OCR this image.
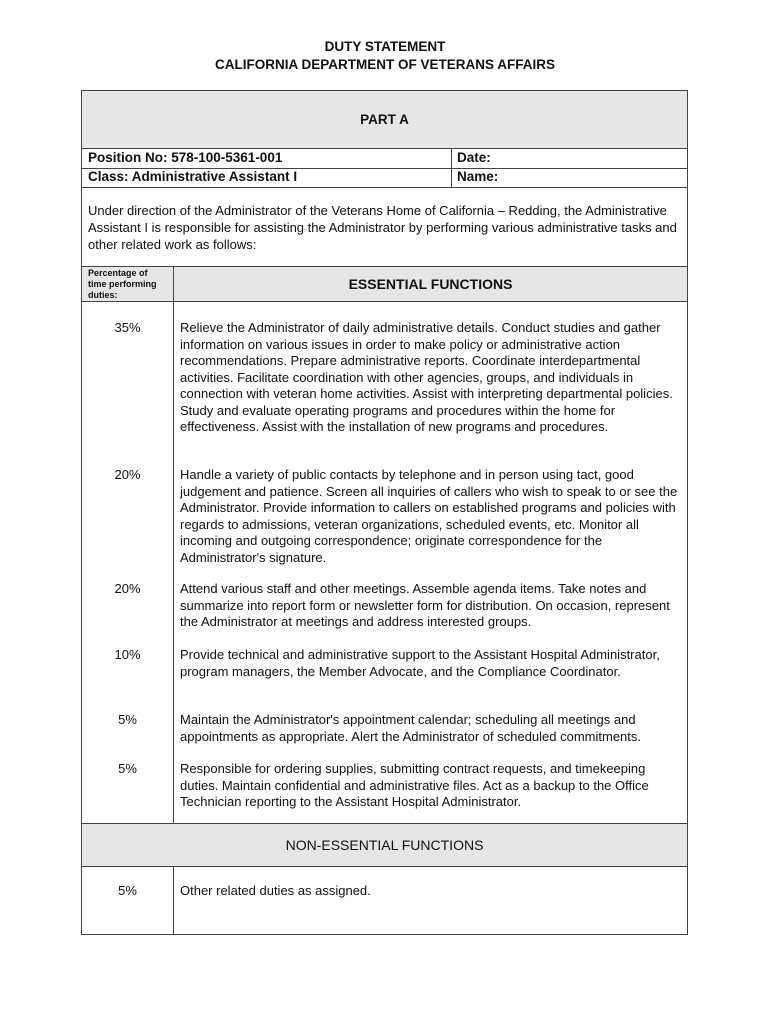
DUTY STATEMENT
CALIFORNIA DEPARTMENT OF VETERANS AFFAIRS
PART A
Position No: 578-100-5361-001	Date:
Class: Administrative Assistant I	Name:
Under direction of the Administrator of the Veterans Home of California – Redding, the Administrative Assistant I is responsible for assisting the Administrator by performing various administrative tasks and other related work as follows:
Percentage of time performing duties:
ESSENTIAL FUNCTIONS
35%	Relieve the Administrator of daily administrative details. Conduct studies and gather information on various issues in order to make policy or administrative action recommendations. Prepare administrative reports. Coordinate interdepartmental activities. Facilitate coordination with other agencies, groups, and individuals in connection with veteran home activities. Assist with interpreting departmental policies. Study and evaluate operating programs and procedures within the home for effectiveness. Assist with the installation of new programs and procedures.
20%	Handle a variety of public contacts by telephone and in person using tact, good judgement and patience. Screen all inquiries of callers who wish to speak to or see the Administrator. Provide information to callers on established programs and policies with regards to admissions, veteran organizations, scheduled events, etc. Monitor all incoming and outgoing correspondence; originate correspondence for the Administrator's signature.
20%	Attend various staff and other meetings. Assemble agenda items. Take notes and summarize into report form or newsletter form for distribution. On occasion, represent the Administrator at meetings and address interested groups.
10%	Provide technical and administrative support to the Assistant Hospital Administrator, program managers, the Member Advocate, and the Compliance Coordinator.
5%	Maintain the Administrator's appointment calendar; scheduling all meetings and appointments as appropriate. Alert the Administrator of scheduled commitments.
5%	Responsible for ordering supplies, submitting contract requests, and timekeeping duties. Maintain confidential and administrative files. Act as a backup to the Office Technician reporting to the Assistant Hospital Administrator.
NON-ESSENTIAL FUNCTIONS
5%	Other related duties as assigned.
